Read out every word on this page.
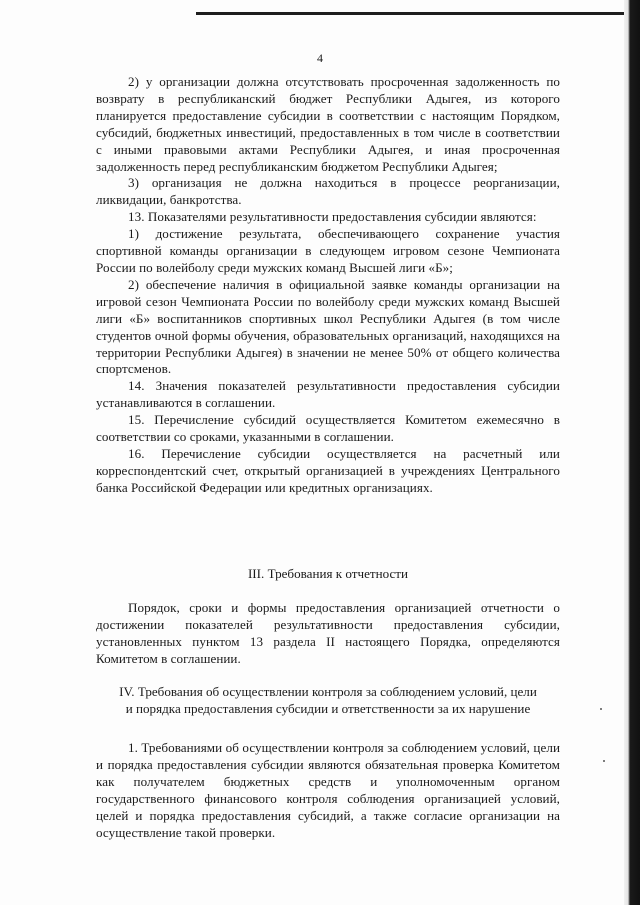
4

2) у организации должна отсутствовать просроченная задолженность по возврату в республиканский бюджет Республики Адыгея, из которого планируется предоставление субсидии в соответствии с настоящим Порядком, субсидий, бюджетных инвестиций, предоставленных в том числе в соответствии с иными правовыми актами Республики Адыгея, и иная просроченная задолженность перед республиканским бюджетом Республики Адыгея;

3) организация не должна находиться в процессе реорганизации, ликвидации, банкротства.

13. Показателями результативности предоставления субсидии являются:

1) достижение результата, обеспечивающего сохранение участия спортивной команды организации в следующем игровом сезоне Чемпионата России по волейболу среди мужских команд Высшей лиги «Б»;

2) обеспечение наличия в официальной заявке команды организации на игровой сезон Чемпионата России по волейболу среди мужских команд Высшей лиги «Б» воспитанников спортивных школ Республики Адыгея (в том числе студентов очной формы обучения, образовательных организаций, находящихся на территории Республики Адыгея) в значении не менее 50% от общего количества спортсменов.

14. Значения показателей результативности предоставления субсидии устанавливаются в соглашении.

15. Перечисление субсидий осуществляется Комитетом ежемесячно в соответствии со сроками, указанными в соглашении.

16. Перечисление субсидии осуществляется на расчетный или корреспондентский счет, открытый организацией в учреждениях Центрального банка Российской Федерации или кредитных организациях.

III. Требования к отчетности

Порядок, сроки и формы предоставления организацией отчетности о достижении показателей результативности предоставления субсидии, установленных пунктом 13 раздела II настоящего Порядка, определяются Комитетом в соглашении.

IV. Требования об осуществлении контроля за соблюдением условий, цели
и порядка предоставления субсидии и ответственности за их нарушение

1. Требованиями об осуществлении контроля за соблюдением условий, цели и порядка предоставления субсидии являются обязательная проверка Комитетом как получателем бюджетных средств и уполномоченным органом государственного финансового контроля соблюдения организацией условий, целей и порядка предоставления субсидий, а также согласие организации на осуществление такой проверки.
